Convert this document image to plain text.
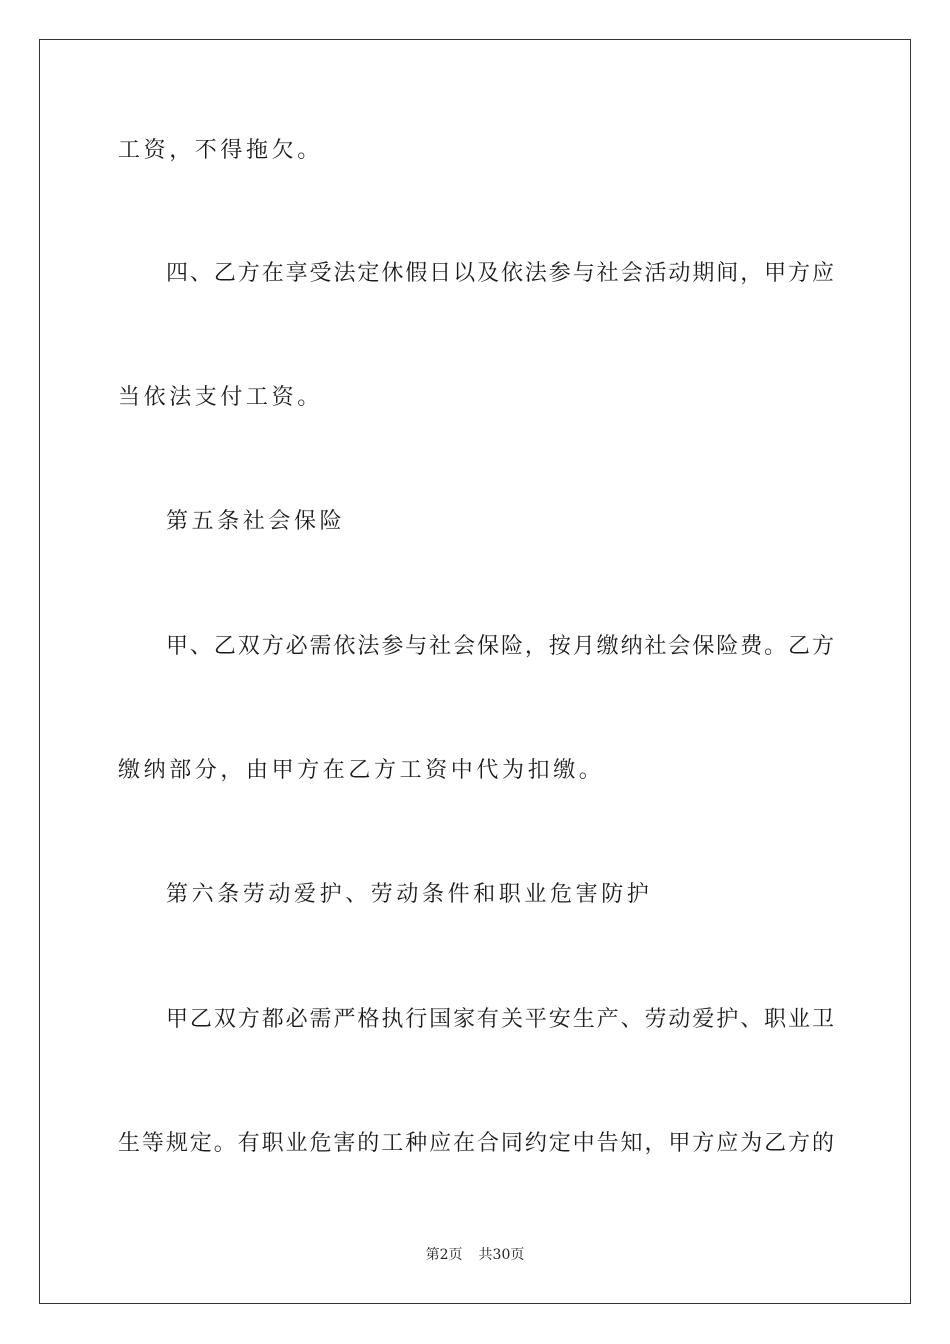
工资，不得拖欠。
四、乙方在享受法定休假日以及依法参与社会活动期间，甲方应
当依法支付工资。
第五条社会保险
甲、乙双方必需依法参与社会保险，按月缴纳社会保险费。乙方
缴纳部分，由甲方在乙方工资中代为扣缴。
第六条劳动爱护、劳动条件和职业危害防护
甲乙双方都必需严格执行国家有关平安生产、劳动爱护、职业卫
生等规定。有职业危害的工种应在合同约定中告知，甲方应为乙方的
第2页 共30页
